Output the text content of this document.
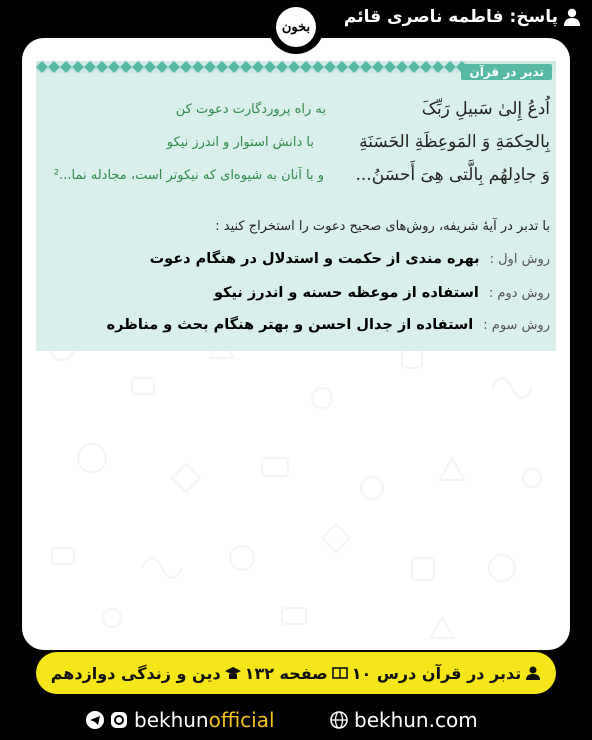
پاسخ: فاطمه ناصری قائم
بخون
تدبر در قرآن
اُدعُ إِلیٰ سَبیلِ رَبِّکَ
به راه پروردگارت دعوت کن
بِالحِکمَةِ وَ المَوعِظَةِ الحَسَنَةِ
با دانش استوار و اندرز نیکو
وَ جادِلهُم بِالَّتی هِیَ أَحسَنُ...
و با آنان به شیوه‌ای که نیکوتر است، مجادله نما...²
با تدبر در آیهٔ شریفه، روش‌های صحیح دعوت را استخراج کنید :
روش اول :
بهره مندی از حکمت و استدلال در هنگام دعوت
روش دوم :
استفاده از موعظه حسنه و اندرز نیکو
روش سوم :
استفاده از جدال احسن و بهتر هنگام بحث و مناظره
تدبر در قرآن درس ۱۰
صفحه ۱۳۲
دین و زندگی دوازدهم
bekhunofficial	bekhun.com
